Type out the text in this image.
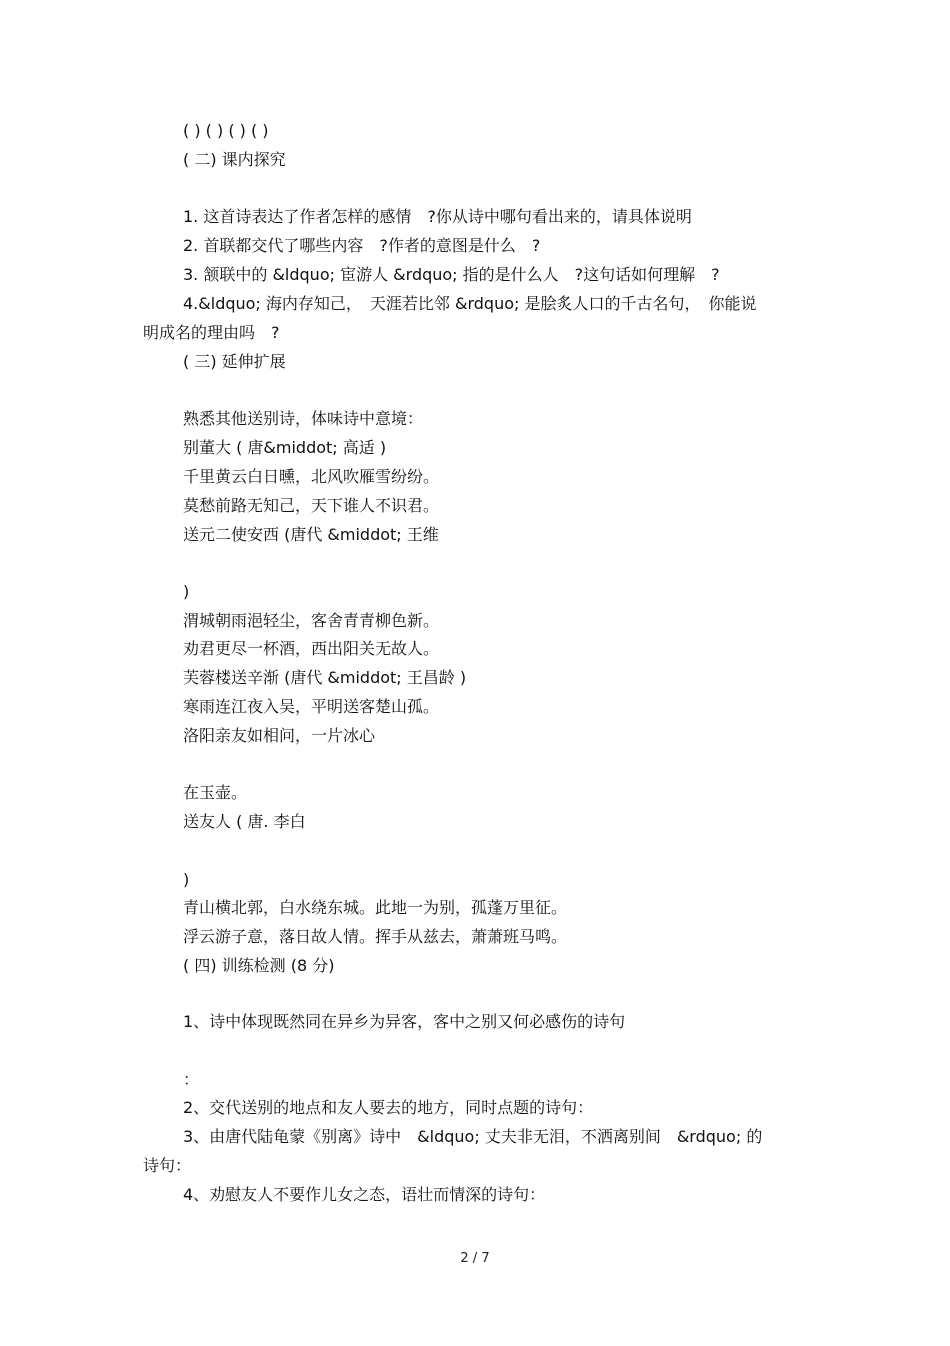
( ) ( ) ( ) ( )
( 二) 课内探究
1. 这首诗表达了作者怎样的感情　?你从诗中哪句看出来的，请具体说明
2. 首联都交代了哪些内容　?作者的意图是什么　?
3. 颔联中的 &ldquo; 宦游人 &rdquo; 指的是什么人　?这句话如何理解　?
4.&ldquo; 海内存知己，　天涯若比邻 &rdquo; 是脍炙人口的千古名句，　你能说
明成名的理由吗　?
( 三) 延伸扩展
熟悉其他送别诗，体味诗中意境：
别董大 ( 唐&middot; 高适 )
千里黄云白日曛，北风吹雁雪纷纷。
莫愁前路无知己，天下谁人不识君。
送元二使安西 (唐代 &middot; 王维
)
渭城朝雨浥轻尘，客舍青青柳色新。
劝君更尽一杯酒，西出阳关无故人。
芙蓉楼送辛渐 (唐代 &middot; 王昌龄 )
寒雨连江夜入吴，平明送客楚山孤。
洛阳亲友如相问，一片冰心
在玉壶。
送友人 ( 唐. 李白
)
青山横北郭，白水绕东城。此地一为别，孤蓬万里征。
浮云游子意，落日故人情。挥手从兹去，萧萧班马鸣。
( 四) 训练检测 (8 分)
1、诗中体现既然同在异乡为异客，客中之别又何必感伤的诗句
：
2、交代送别的地点和友人要去的地方，同时点题的诗句：
3、由唐代陆龟蒙《别离》诗中　&ldquo; 丈夫非无泪，不洒离别间　&rdquo; 的
诗句：
4、劝慰友人不要作儿女之态，语壮而情深的诗句：
2 / 7
